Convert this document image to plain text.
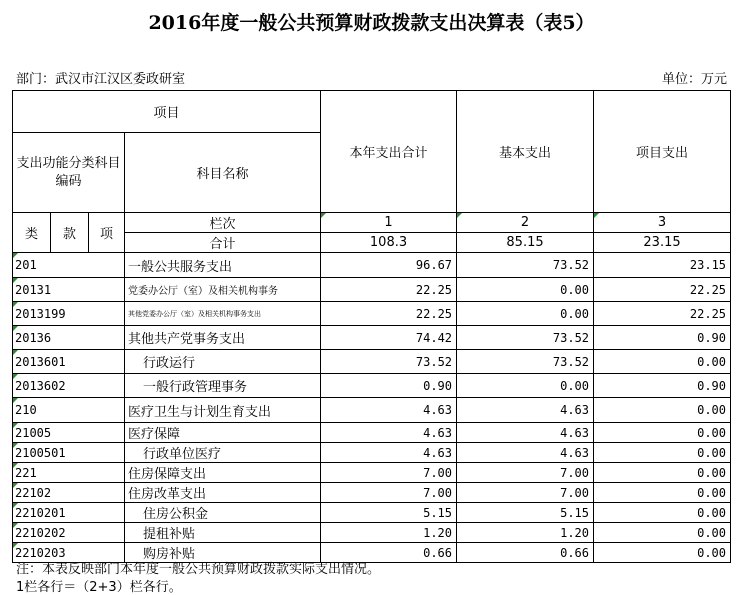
2016年度一般公共预算财政拨款支出决算表（表5）
部门：武汉市江汉区委政研室	单位：万元
项目				本年支出合计	基本支出	项目支出
支出功能分类科目编码			科目名称			

类	款	项	栏次	1	2	3
			合计	108.3	85.15	23.15
201			一般公共服务支出	96.67	73.52	23.15
20131			党委办公厅（室）及相关机构事务	22.25	0.00	22.25
2013199			其他党委办公厅（室）及相关机构事务支出	22.25	0.00	22.25
20136			其他共产党事务支出	74.42	73.52	0.90
2013601			行政运行	73.52	73.52	0.00
2013602			一般行政管理事务	0.90	0.00	0.90
210			医疗卫生与计划生育支出	4.63	4.63	0.00
21005			医疗保障	4.63	4.63	0.00
2100501			行政单位医疗	4.63	4.63	0.00
221			住房保障支出	7.00	7.00	0.00
22102			住房改革支出	7.00	7.00	0.00
2210201			住房公积金	5.15	5.15	0.00
2210202			提租补贴	1.20	1.20	0.00
2210203			购房补贴	0.66	0.66	0.00
注：本表反映部门本年度一般公共预算财政拨款实际支出情况。
1栏各行＝（2+3）栏各行。
